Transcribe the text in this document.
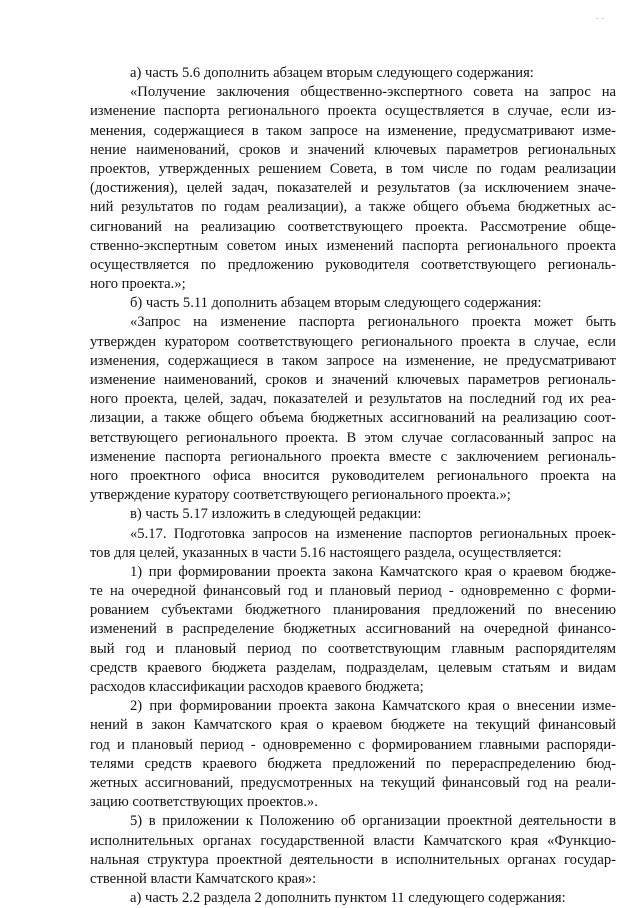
. .
а) часть 5.6 дополнить абзацем вторым следующего содержания:
«Получение заключения общественно-экспертного совета на запрос на
изменение паспорта регионального проекта осуществляется в случае, если из-
менения, содержащиеся в таком запросе на изменение, предусматривают изме-
нение наименований, сроков и значений ключевых параметров региональных
проектов, утвержденных решением Совета, в том числе по годам реализации
(достижения), целей задач, показателей и результатов (за исключением значе-
ний результатов по годам реализации), а также общего объема бюджетных ас-
сигнований на реализацию соответствующего проекта. Рассмотрение обще-
ственно-экспертным советом иных изменений паспорта регионального проекта
осуществляется по предложению руководителя соответствующего региональ-
ного проекта.»;
б) часть 5.11 дополнить абзацем вторым следующего содержания:
«Запрос на изменение паспорта регионального проекта может быть
утвержден куратором соответствующего регионального проекта в случае, если
изменения, содержащиеся в таком запросе на изменение, не предусматривают
изменение наименований, сроков и значений ключевых параметров региональ-
ного проекта, целей, задач, показателей и результатов на последний год их реа-
лизации, а также общего объема бюджетных ассигнований на реализацию соот-
ветствующего регионального проекта. В этом случае согласованный запрос на
изменение паспорта регионального проекта вместе с заключением региональ-
ного проектного офиса вносится руководителем регионального проекта на
утверждение куратору соответствующего регионального проекта.»;
в) часть 5.17 изложить в следующей редакции:
«5.17. Подготовка запросов на изменение паспортов региональных проек-
тов для целей, указанных в части 5.16 настоящего раздела, осуществляется:
1) при формировании проекта закона Камчатского края о краевом бюдже-
те на очередной финансовый год и плановый период - одновременно с форми-
рованием субъектами бюджетного планирования предложений по внесению
изменений в распределение бюджетных ассигнований на очередной финансо-
вый год и плановый период по соответствующим главным распорядителям
средств краевого бюджета разделам, подразделам, целевым статьям и видам
расходов классификации расходов краевого бюджета;
2) при формировании проекта закона Камчатского края о внесении изме-
нений в закон Камчатского края о краевом бюджете на текущий финансовый
год и плановый период - одновременно с формированием главными распоряди-
телями средств краевого бюджета предложений по перераспределению бюд-
жетных ассигнований, предусмотренных на текущий финансовый год на реали-
зацию соответствующих проектов.».
5) в приложении к Положению об организации проектной деятельности в
исполнительных органах государственной власти Камчатского края «Функцио-
нальная структура проектной деятельности в исполнительных органах государ-
ственной власти Камчатского края»:
а) часть 2.2 раздела 2 дополнить пунктом 11 следующего содержания:
